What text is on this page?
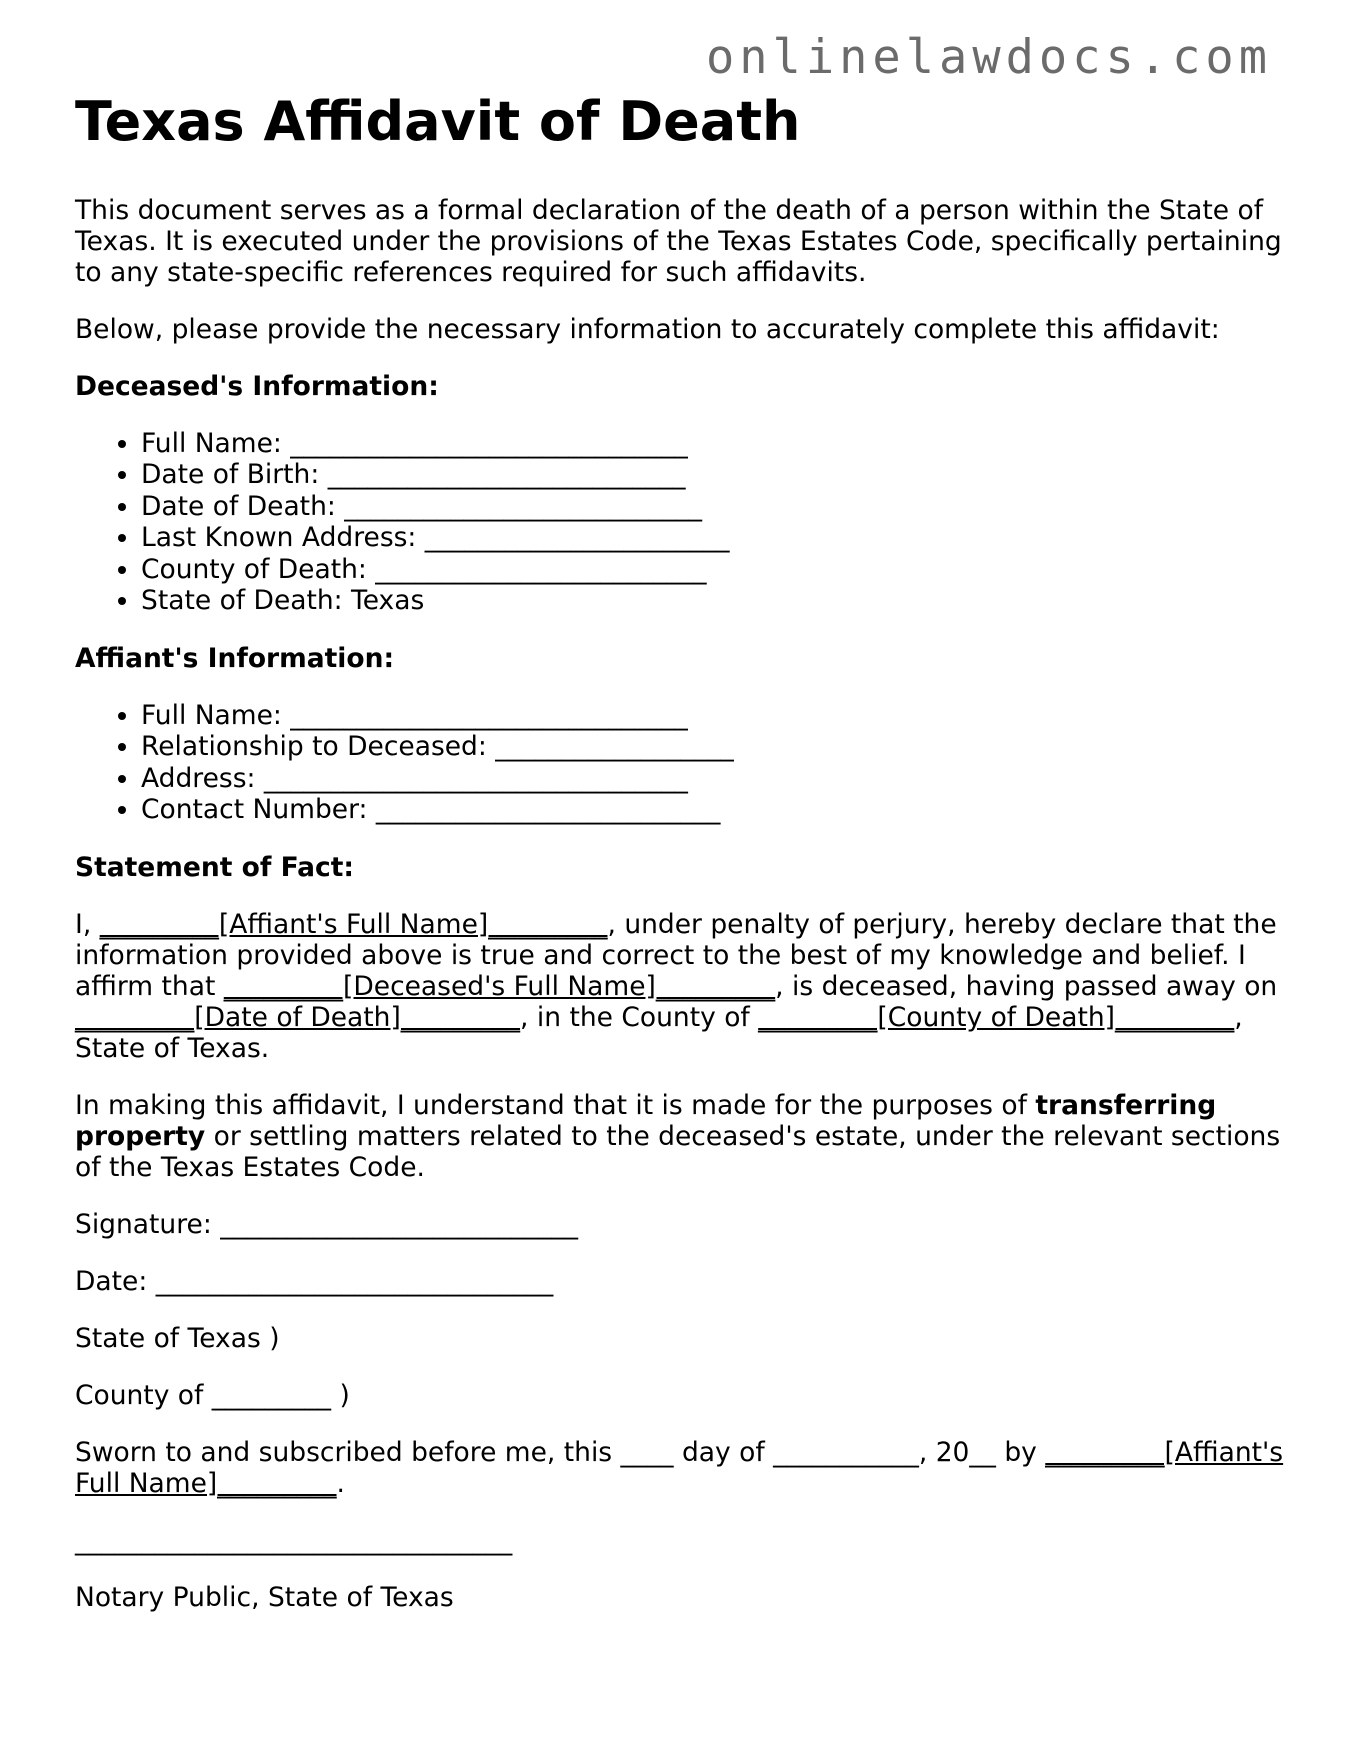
onlinelawdocs.com
Texas Affidavit of Death

This document serves as a formal declaration of the death of a person within the State of Texas. It is executed under the provisions of the Texas Estates Code, specifically pertaining to any state-specific references required for such affidavits.

Below, please provide the necessary information to accurately complete this affidavit:

Deceased's Information:

• Full Name: ______________________________
• Date of Birth: ___________________________
• Date of Death: ___________________________
• Last Known Address: _______________________
• County of Death: _________________________
• State of Death: Texas

Affiant's Information:

• Full Name: ______________________________
• Relationship to Deceased: __________________
• Address: ________________________________
• Contact Number: __________________________

Statement of Fact:

I, _________[Affiant's Full Name]_________, under penalty of perjury, hereby declare that the information provided above is true and correct to the best of my knowledge and belief. I affirm that _________[Deceased's Full Name]_________, is deceased, having passed away on _________[Date of Death]_________, in the County of _________[County of Death]_________, State of Texas.

In making this affidavit, I understand that it is made for the purposes of transferring property or settling matters related to the deceased's estate, under the relevant sections of the Texas Estates Code.

Signature: ___________________________

Date: ______________________________

State of Texas )

County of _________ )

Sworn to and subscribed before me, this ____ day of ___________, 20__ by _________[Affiant's Full Name]_________.

_________________________________

Notary Public, State of Texas
